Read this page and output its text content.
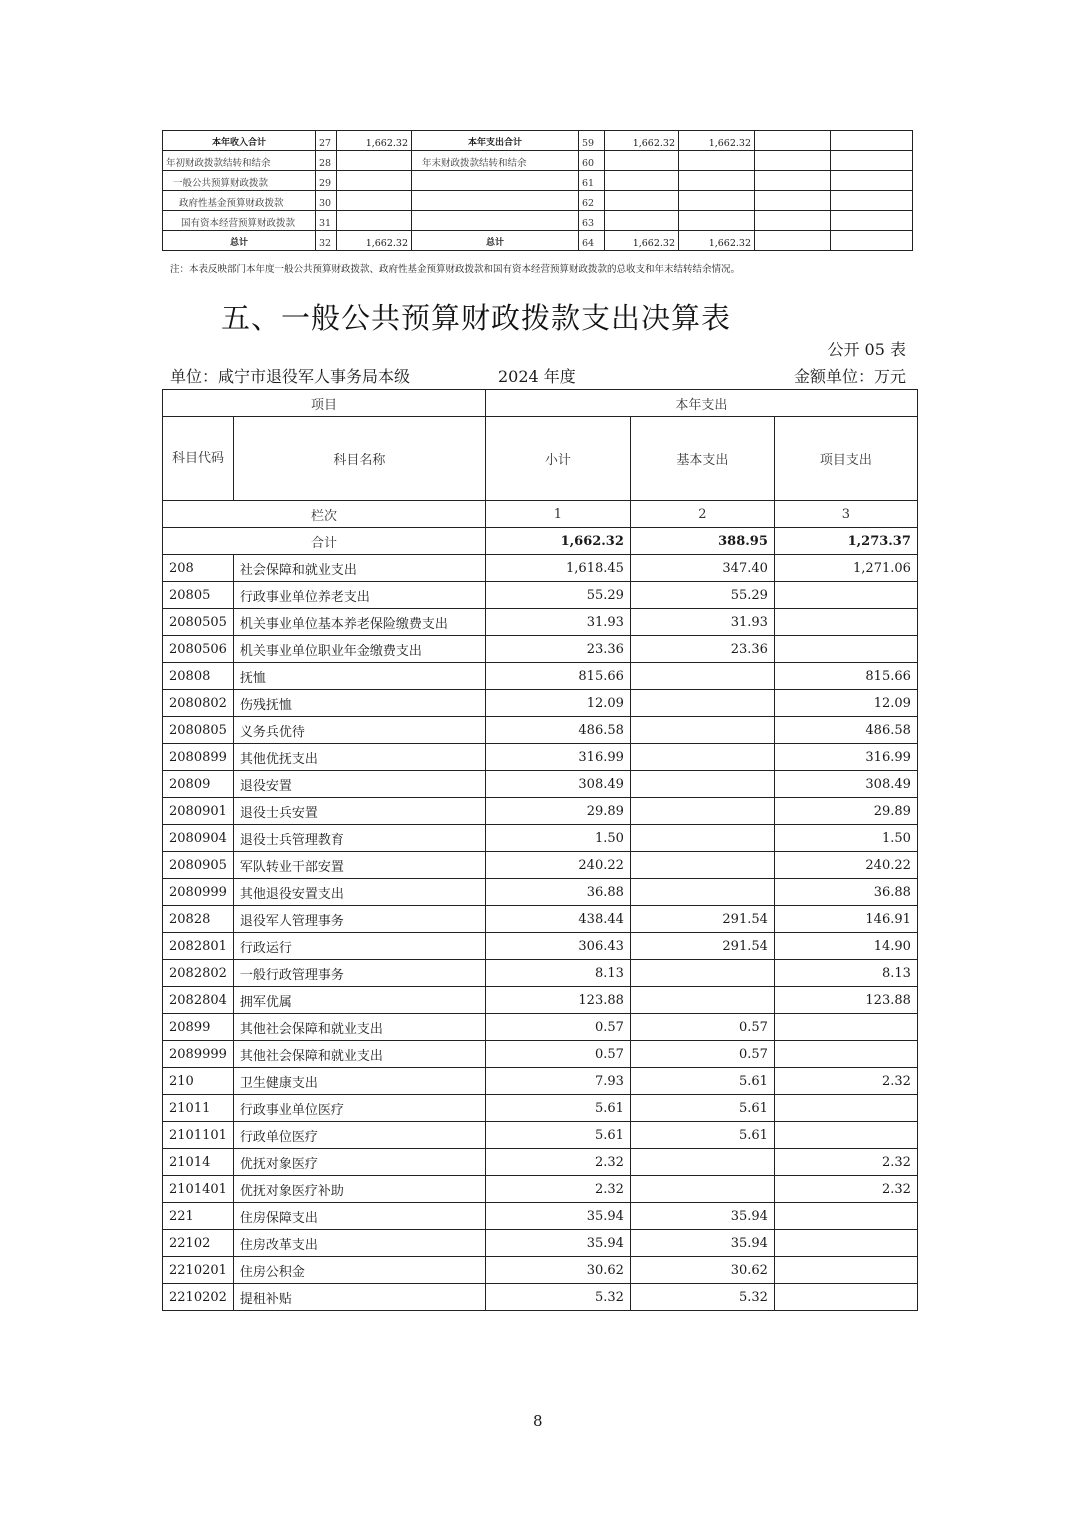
本年收入合计	27	1,662.32	本年支出合计	59	1,662.32	1,662.32		
年初财政拨款结转和结余	28		年末财政拨款结转和结余	60				
一般公共预算财政拨款	29			61				
政府性基金预算财政拨款	30			62				
国有资本经营预算财政拨款	31			63				
总计	32	1,662.32	总计	64	1,662.32	1,662.32		
注：本表反映部门本年度一般公共预算财政拨款、政府性基金预算财政拨款和国有资本经营预算财政拨款的总收支和年末结转结余情况。
五、一般公共预算财政拨款支出决算表
公开 05 表
单位：咸宁市退役军人事务局本级	2024 年度	金额单位：万元
项目		本年支出		
科目代码	科目名称	小计	基本支出	项目支出
栏次		1	2	3
合计		1,662.32	388.95	1,273.37
208	社会保障和就业支出	1,618.45	347.40	1,271.06
20805	行政事业单位养老支出	55.29	55.29	
2080505	机关事业单位基本养老保险缴费支出	31.93	31.93	
2080506	机关事业单位职业年金缴费支出	23.36	23.36	
20808	抚恤	815.66		815.66
2080802	伤残抚恤	12.09		12.09
2080805	义务兵优待	486.58		486.58
2080899	其他优抚支出	316.99		316.99
20809	退役安置	308.49		308.49
2080901	退役士兵安置	29.89		29.89
2080904	退役士兵管理教育	1.50		1.50
2080905	军队转业干部安置	240.22		240.22
2080999	其他退役安置支出	36.88		36.88
20828	退役军人管理事务	438.44	291.54	146.91
2082801	行政运行	306.43	291.54	14.90
2082802	一般行政管理事务	8.13		8.13
2082804	拥军优属	123.88		123.88
20899	其他社会保障和就业支出	0.57	0.57	
2089999	其他社会保障和就业支出	0.57	0.57	
210	卫生健康支出	7.93	5.61	2.32
21011	行政事业单位医疗	5.61	5.61	
2101101	行政单位医疗	5.61	5.61	
21014	优抚对象医疗	2.32		2.32
2101401	优抚对象医疗补助	2.32		2.32
221	住房保障支出	35.94	35.94	
22102	住房改革支出	35.94	35.94	
2210201	住房公积金	30.62	30.62	
2210202	提租补贴	5.32	5.32	
8
